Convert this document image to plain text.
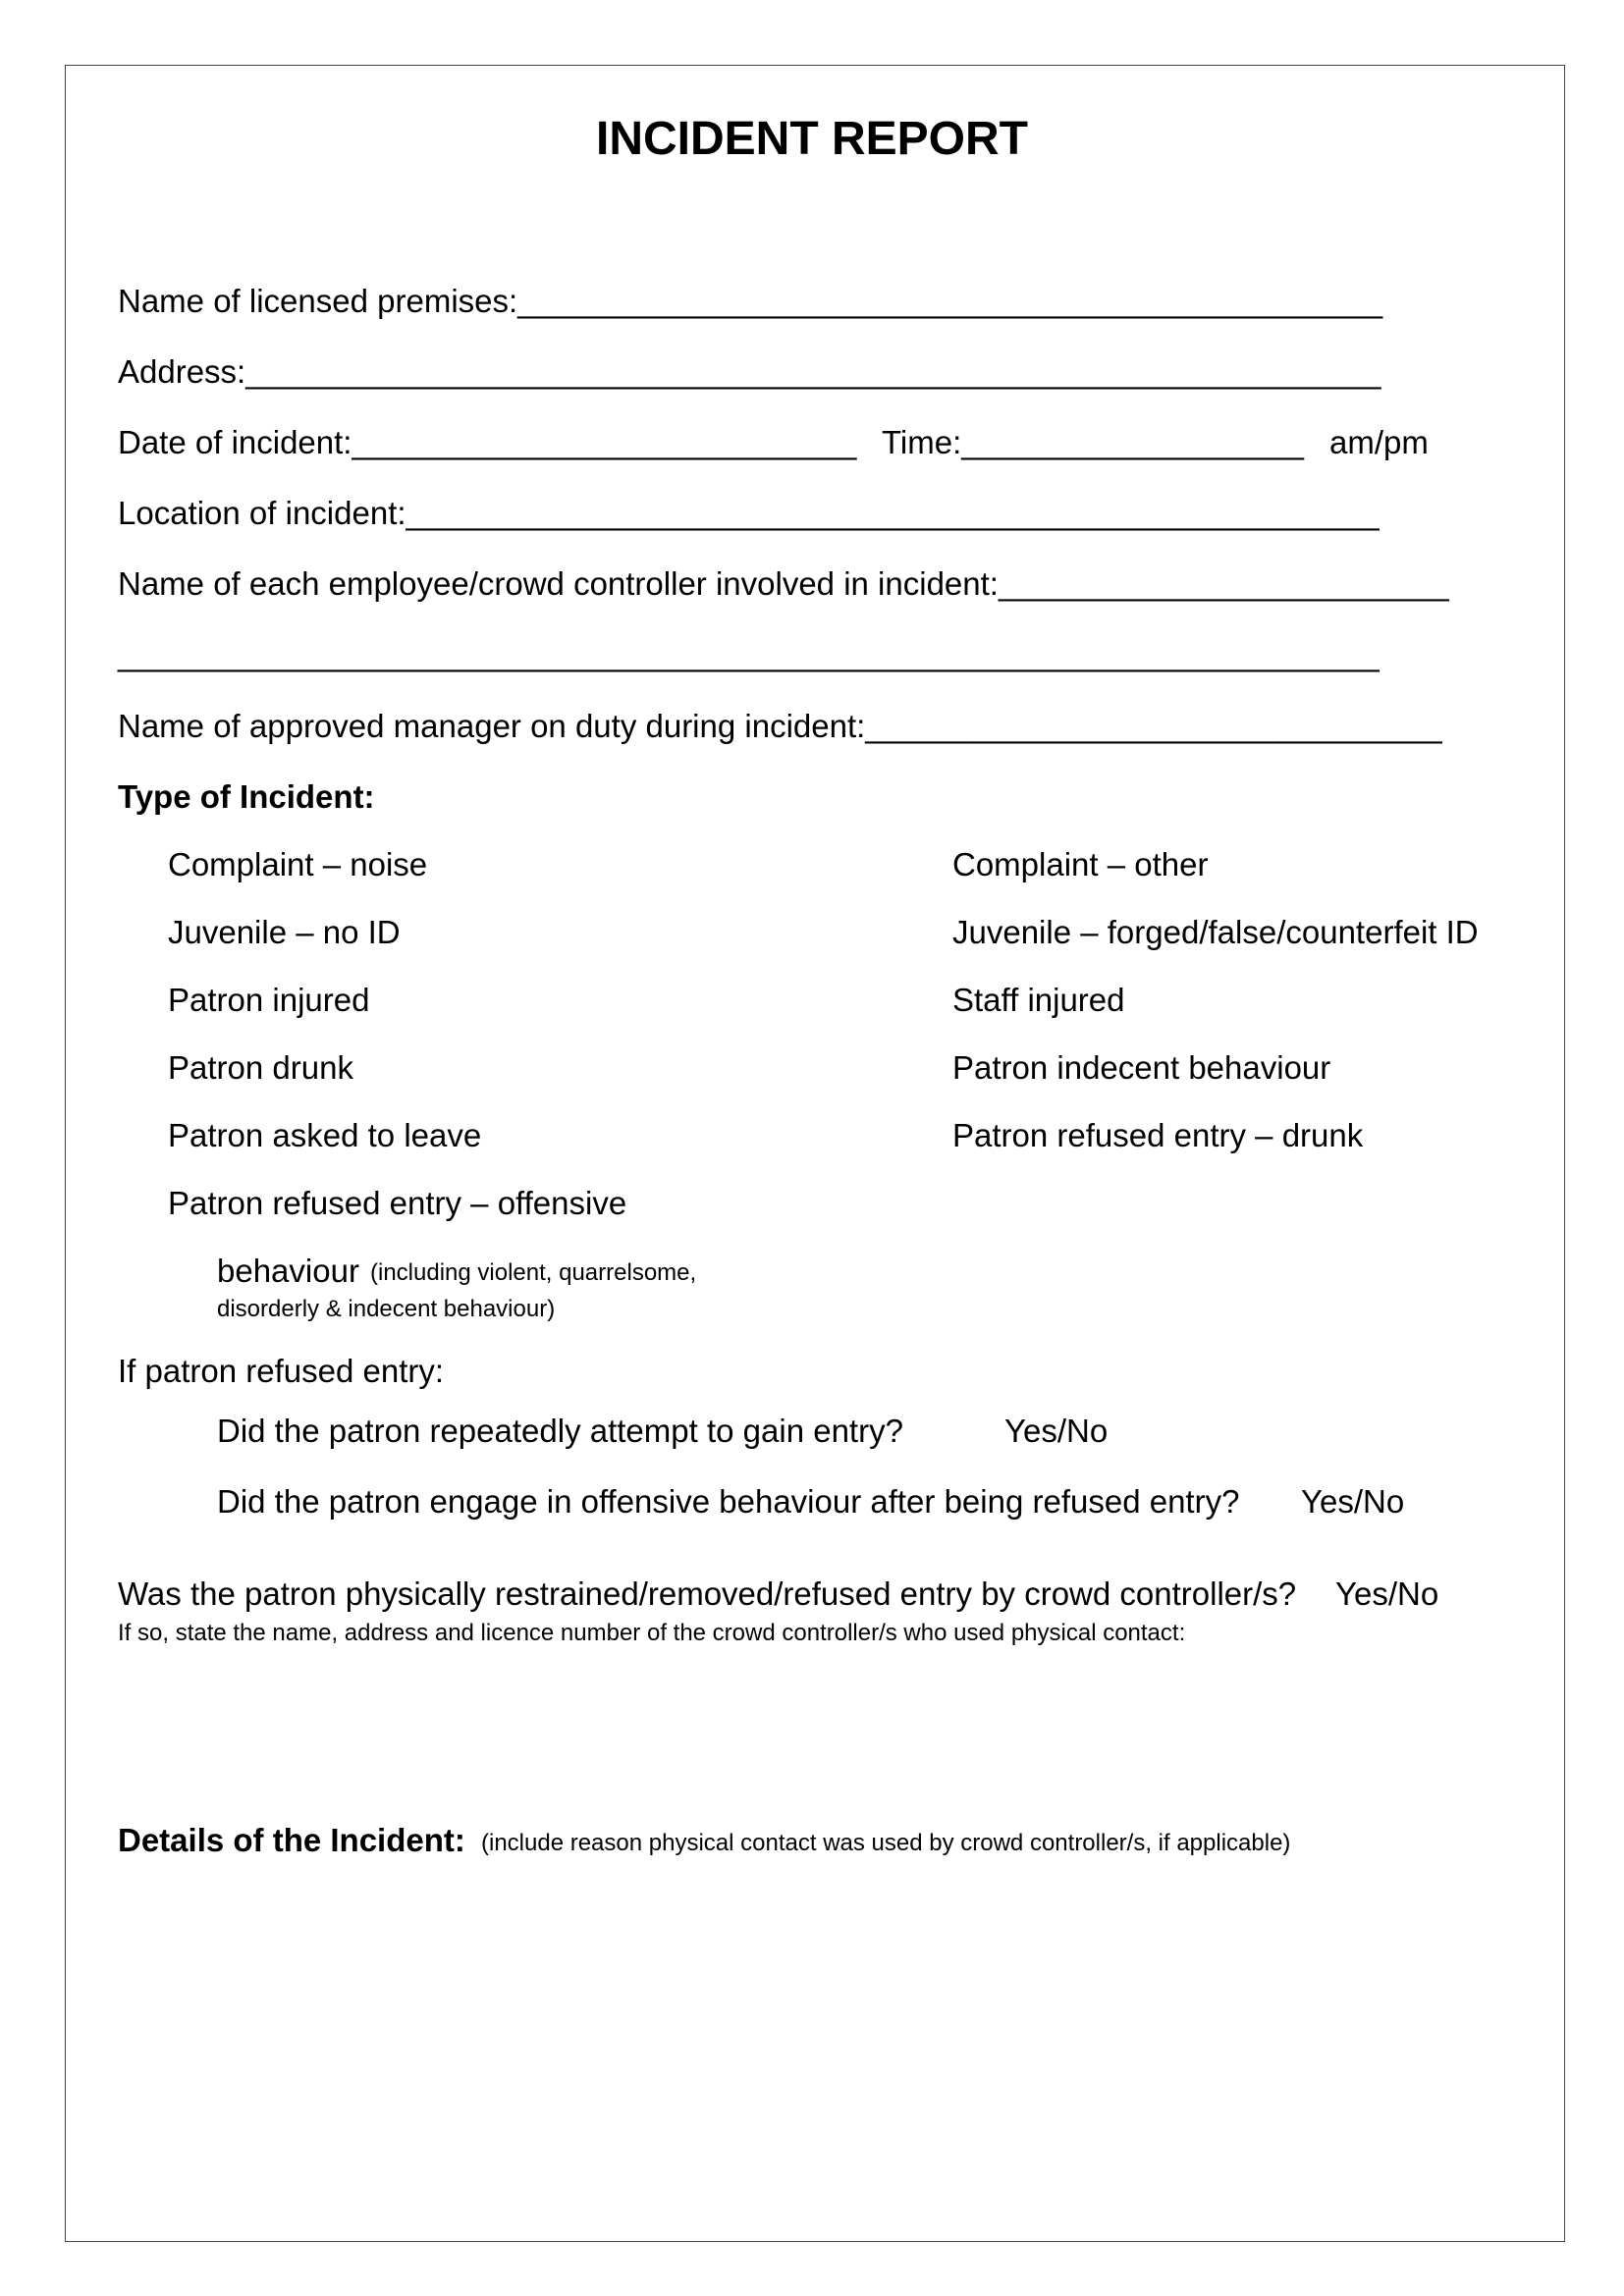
INCIDENT REPORT
Name of licensed premises:________________________________________________
Address:_______________________________________________________________
Date of incident:____________________________ Time:___________________ am/pm
Location of incident:______________________________________________________
Name of each employee/crowd controller involved in incident:_________________________
______________________________________________________________________
Name of approved manager on duty during incident:________________________________
Type of Incident:
Complaint – noise
Juvenile – no ID
Patron injured
Patron drunk
Patron asked to leave
Patron refused entry – offensive
Complaint – other
Juvenile – forged/false/counterfeit ID
Staff injured
Patron indecent behaviour
Patron refused entry – drunk
behaviour (including violent, quarrelsome,
disorderly & indecent behaviour)
If patron refused entry:
Did the patron repeatedly attempt to gain entry?	Yes/No
Did the patron engage in offensive behaviour after being refused entry? Yes/No
Was the patron physically restrained/removed/refused entry by crowd controller/s? Yes/No
If so, state the name, address and licence number of the crowd controller/s who used physical contact:
Details of the Incident: (include reason physical contact was used by crowd controller/s, if applicable)
